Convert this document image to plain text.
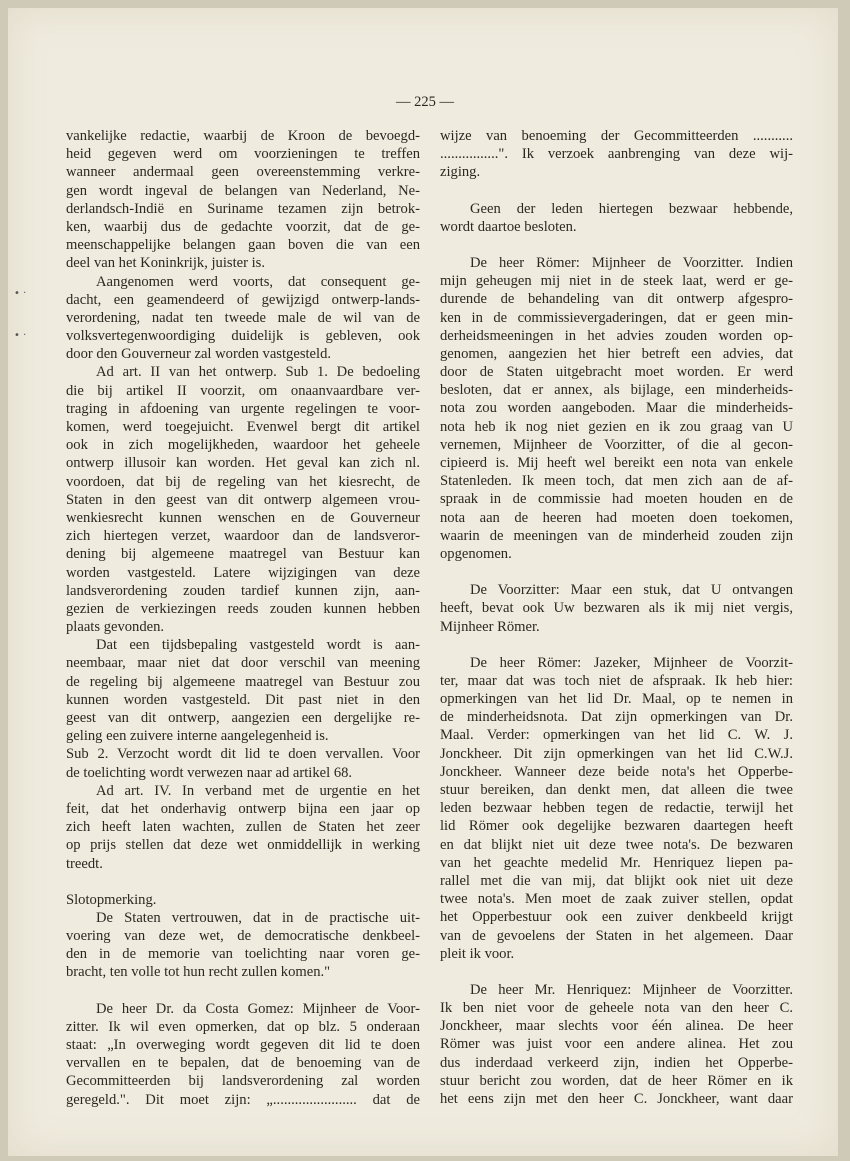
— 225 —
vankelijke redactie, waarbij de Kroon de bevoegd-
heid gegeven werd om voorzieningen te treffen
wanneer andermaal geen overeenstemming verkre-
gen wordt ingeval de belangen van Nederland, Ne-
derlandsch-Indië en Suriname tezamen zijn betrok-
ken, waarbij dus de gedachte voorzit, dat de ge-
meenschappelijke belangen gaan boven die van een
deel van het Koninkrijk, juister is.
Aangenomen werd voorts, dat consequent ge-
dacht, een geamendeerd of gewijzigd ontwerp-lands-
verordening, nadat ten tweede male de wil van de
volksvertegenwoordiging duidelijk is gebleven, ook
door den Gouverneur zal worden vastgesteld.
Ad art. II van het ontwerp. Sub 1. De bedoeling
die bij artikel II voorzit, om onaanvaardbare ver-
traging in afdoening van urgente regelingen te voor-
komen, werd toegejuicht. Evenwel bergt dit artikel
ook in zich mogelijkheden, waardoor het geheele
ontwerp illusoir kan worden. Het geval kan zich nl.
voordoen, dat bij de regeling van het kiesrecht, de
Staten in den geest van dit ontwerp algemeen vrou-
wenkiesrecht kunnen wenschen en de Gouverneur
zich hiertegen verzet, waardoor dan de landsveror-
dening bij algemeene maatregel van Bestuur kan
worden vastgesteld. Latere wijzigingen van deze
landsverordening zouden tardief kunnen zijn, aan-
gezien de verkiezingen reeds zouden kunnen hebben
plaats gevonden.
Dat een tijdsbepaling vastgesteld wordt is aan-
neembaar, maar niet dat door verschil van meening
de regeling bij algemeene maatregel van Bestuur zou
kunnen worden vastgesteld. Dit past niet in den
geest van dit ontwerp, aangezien een dergelijke re-
geling een zuivere interne aangelegenheid is.
Sub 2. Verzocht wordt dit lid te doen vervallen. Voor
de toelichting wordt verwezen naar ad artikel 68.
Ad art. IV. In verband met de urgentie en het
feit, dat het onderhavig ontwerp bijna een jaar op
zich heeft laten wachten, zullen de Staten het zeer
op prijs stellen dat deze wet onmiddellijk in werking
treedt.
Slotopmerking.
De Staten vertrouwen, dat in de practische uit-
voering van deze wet, de democratische denkbeel-
den in de memorie van toelichting naar voren ge-
bracht, ten volle tot hun recht zullen komen."
De heer Dr. da Costa Gomez: Mijnheer de Voor-
zitter. Ik wil even opmerken, dat op blz. 5 onderaan
staat: „In overweging wordt gegeven dit lid te doen
vervallen en te bepalen, dat de benoeming van de
Gecommitteerden bij landsverordening zal worden
geregeld.". Dit moet zijn: „....................... dat de
wijze van benoeming der Gecommitteerden ...........
................". Ik verzoek aanbrenging van deze wij-
ziging.
Geen der leden hiertegen bezwaar hebbende,
wordt daartoe besloten.
De heer Römer: Mijnheer de Voorzitter. Indien
mijn geheugen mij niet in de steek laat, werd er ge-
durende de behandeling van dit ontwerp afgespro-
ken in de commissievergaderingen, dat er geen min-
derheidsmeeningen in het advies zouden worden op-
genomen, aangezien het hier betreft een advies, dat
door de Staten uitgebracht moet worden. Er werd
besloten, dat er annex, als bijlage, een minderheids-
nota zou worden aangeboden. Maar die minderheids-
nota heb ik nog niet gezien en ik zou graag van U
vernemen, Mijnheer de Voorzitter, of die al gecon-
cipieerd is. Mij heeft wel bereikt een nota van enkele
Statenleden. Ik meen toch, dat men zich aan de af-
spraak in de commissie had moeten houden en de
nota aan de heeren had moeten doen toekomen,
waarin de meeningen van de minderheid zouden zijn
opgenomen.
De Voorzitter: Maar een stuk, dat U ontvangen
heeft, bevat ook Uw bezwaren als ik mij niet vergis,
Mijnheer Römer.
De heer Römer: Jazeker, Mijnheer de Voorzit-
ter, maar dat was toch niet de afspraak. Ik heb hier:
opmerkingen van het lid Dr. Maal, op te nemen in
de minderheidsnota. Dat zijn opmerkingen van Dr.
Maal. Verder: opmerkingen van het lid C. W. J.
Jonckheer. Dit zijn opmerkingen van het lid C.W.J.
Jonckheer. Wanneer deze beide nota's het Opperbe-
stuur bereiken, dan denkt men, dat alleen die twee
leden bezwaar hebben tegen de redactie, terwijl het
lid Römer ook degelijke bezwaren daartegen heeft
en dat blijkt niet uit deze twee nota's. De bezwaren
van het geachte medelid Mr. Henriquez liepen pa-
rallel met die van mij, dat blijkt ook niet uit deze
twee nota's. Men moet de zaak zuiver stellen, opdat
het Opperbestuur ook een zuiver denkbeeld krijgt
van de gevoelens der Staten in het algemeen. Daar
pleit ik voor.
De heer Mr. Henriquez: Mijnheer de Voorzitter.
Ik ben niet voor de geheele nota van den heer C.
Jonckheer, maar slechts voor één alinea. De heer
Römer was juist voor een andere alinea. Het zou
dus inderdaad verkeerd zijn, indien het Opperbe-
stuur bericht zou worden, dat de heer Römer en ik
het eens zijn met den heer C. Jonckheer, want daar
• ·
• ·
